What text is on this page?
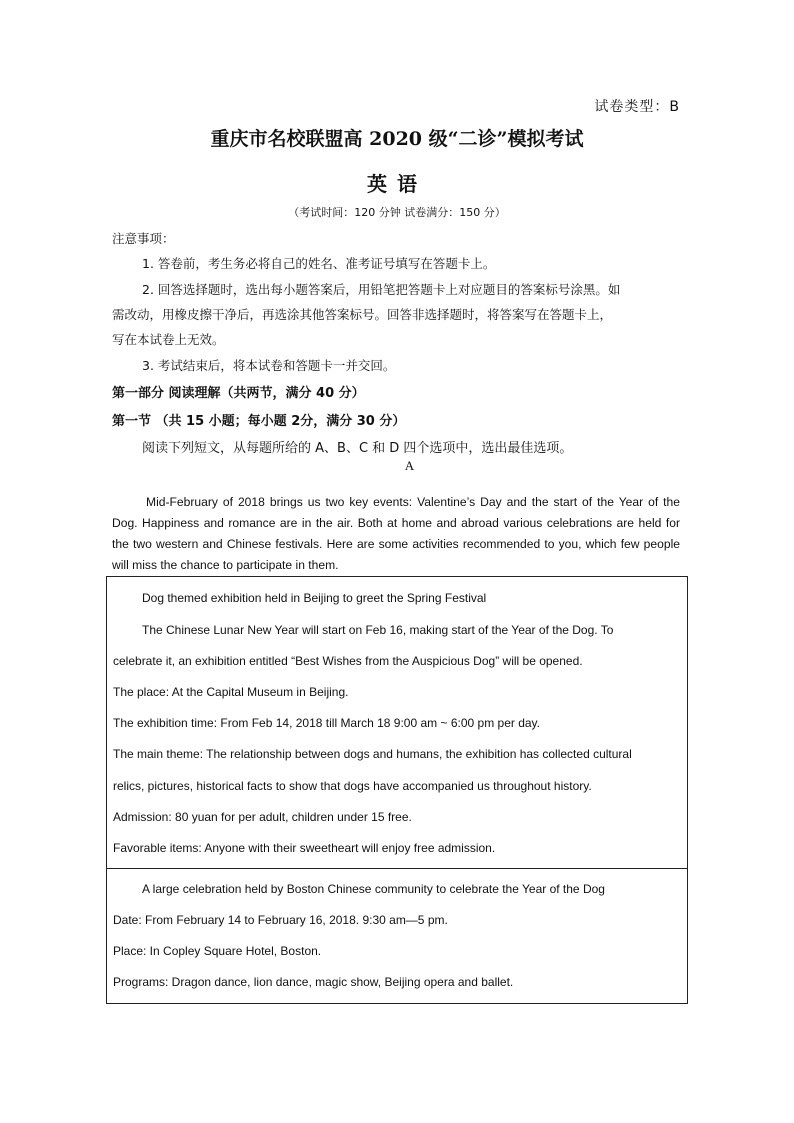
试卷类型：B
重庆市名校联盟高 2020 级“二诊”模拟考试
英语
（考试时间：120 分钟 试卷满分：150 分）
注意事项：
1. 答卷前，考生务必将自己的姓名、准考证号填写在答题卡上。
2. 回答选择题时，选出每小题答案后，用铅笔把答题卡上对应题目的答案标号涂黑。如
需改动，用橡皮擦干净后，再选涂其他答案标号。回答非选择题时，将答案写在答题卡上，
写在本试卷上无效。
3. 考试结束后，将本试卷和答题卡一并交回。
第一部分 阅读理解（共两节，满分 40 分）
第一节 （共 15 小题；每小题 2分，满分 30 分）
阅读下列短文，从每题所给的 A、B、C 和 D 四个选项中，选出最佳选项。
A
Mid-February of 2018 brings us two key events: Valentine’s Day and the start of the Year of the Dog. Happiness and romance are in the air. Both at home and abroad various celebrations are held for the two western and Chinese festivals. Here are some activities recommended to you, which few people will miss the chance to participate in them.
Dog themed exhibition held in Beijing to greet the Spring Festival
The Chinese Lunar New Year will start on Feb 16, making start of the Year of the Dog. To
celebrate it, an exhibition entitled “Best Wishes from the Auspicious Dog” will be opened.
The place: At the Capital Museum in Beijing.
The exhibition time: From Feb 14, 2018 till March 18 9:00 am ~ 6:00 pm per day.
The main theme: The relationship between dogs and humans, the exhibition has collected cultural
relics, pictures, historical facts to show that dogs have accompanied us throughout history.
Admission: 80 yuan for per adult, children under 15 free.
Favorable items: Anyone with their sweetheart will enjoy free admission.
A large celebration held by Boston Chinese community to celebrate the Year of the Dog
Date: From February 14 to February 16, 2018. 9:30 am—5 pm.
Place: In Copley Square Hotel, Boston.
Programs: Dragon dance, lion dance, magic show, Beijing opera and ballet.
